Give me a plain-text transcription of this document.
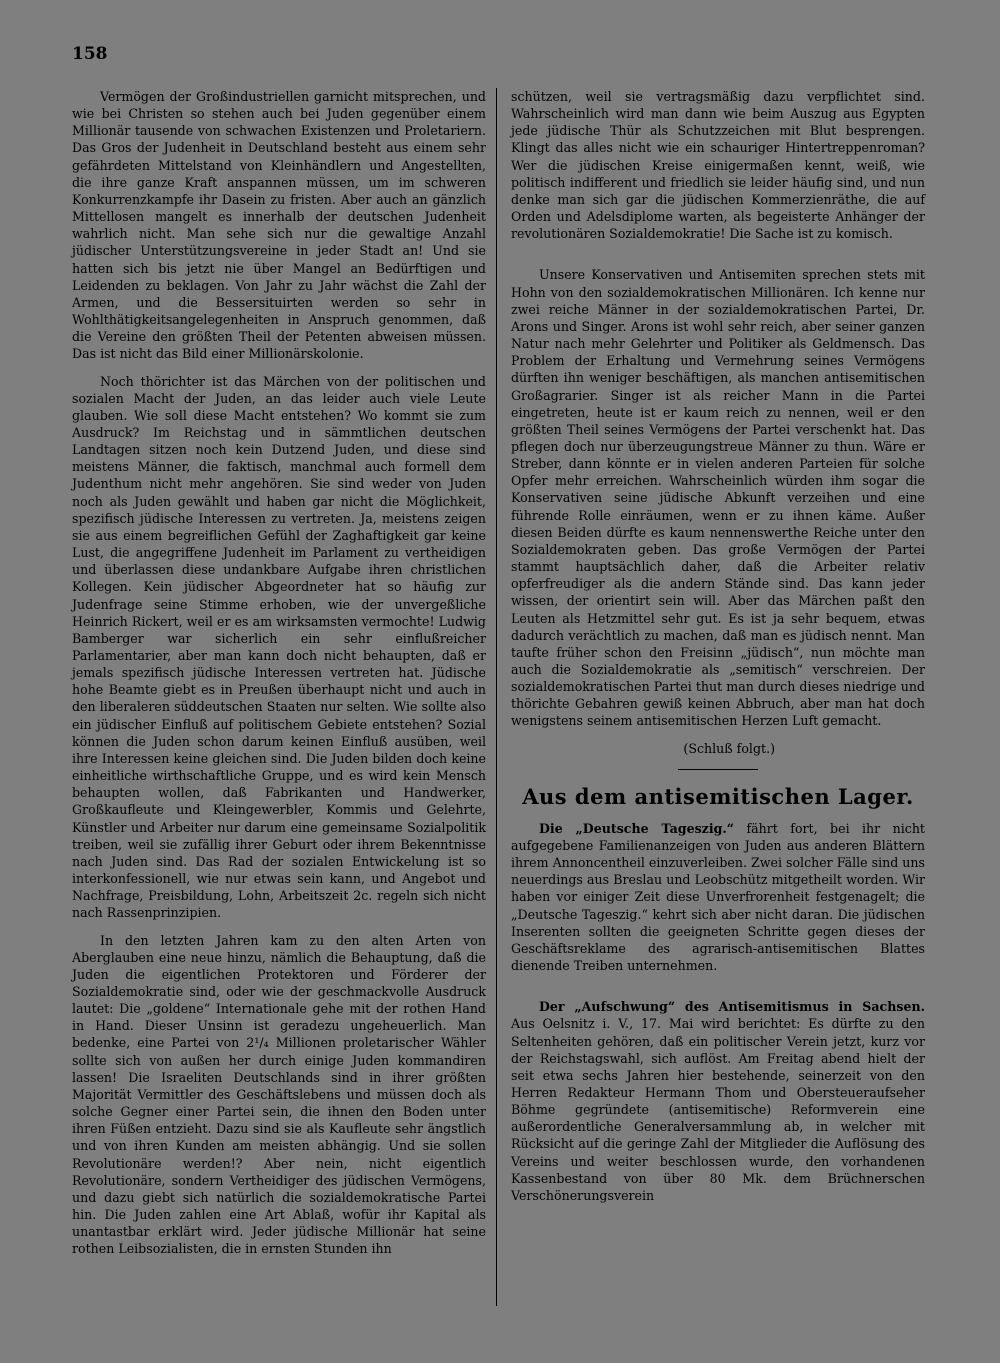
158

Vermögen der Großindustriellen garnicht mitsprechen, und wie bei Christen so stehen auch bei Juden gegenüber einem Millionär tausende von schwachen Existenzen und Proletariern. Das Gros der Judenheit in Deutschland besteht aus einem sehr gefährdeten Mittelstand von Kleinhändlern und Angestellten, die ihre ganze Kraft anspannen müssen, um im schweren Konkurrenzkampfe ihr Dasein zu fristen. Aber auch an gänzlich Mittellosen mangelt es innerhalb der deutschen Judenheit wahrlich nicht. Man sehe sich nur die gewaltige Anzahl jüdischer Unterstützungsvereine in jeder Stadt an! Und sie hatten sich bis jetzt nie über Mangel an Bedürftigen und Leidenden zu beklagen. Von Jahr zu Jahr wächst die Zahl der Armen, und die Bessersituirten werden so sehr in Wohlthätigkeitsangelegenheiten in Anspruch genommen, daß die Vereine den größten Theil der Petenten abweisen müssen. Das ist nicht das Bild einer Millionärskolonie.

Noch thörichter ist das Märchen von der politischen und sozialen Macht der Juden, an das leider auch viele Leute glauben. Wie soll diese Macht entstehen? Wo kommt sie zum Ausdruck? Im Reichstag und in sämmtlichen deutschen Landtagen sitzen noch kein Dutzend Juden, und diese sind meistens Männer, die faktisch, manchmal auch formell dem Judenthum nicht mehr angehören. Sie sind weder von Juden noch als Juden gewählt und haben gar nicht die Möglichkeit, spezifisch jüdische Interessen zu vertreten. Ja, meistens zeigen sie aus einem begreiflichen Gefühl der Zaghaftigkeit gar keine Lust, die angegriffene Judenheit im Parlament zu vertheidigen und überlassen diese undankbare Aufgabe ihren christlichen Kollegen. Kein jüdischer Abgeordneter hat so häufig zur Judenfrage seine Stimme erhoben, wie der unvergeßliche Heinrich Rickert, weil er es am wirksamsten vermochte! Ludwig Bamberger war sicherlich ein sehr einflußreicher Parlamentarier, aber man kann doch nicht behaupten, daß er jemals spezifisch jüdische Interessen vertreten hat. Jüdische hohe Beamte giebt es in Preußen überhaupt nicht und auch in den liberaleren süddeutschen Staaten nur selten. Wie sollte also ein jüdischer Einfluß auf politischem Gebiete entstehen? Sozial können die Juden schon darum keinen Einfluß ausüben, weil ihre Interessen keine gleichen sind. Die Juden bilden doch keine einheitliche wirthschaftliche Gruppe, und es wird kein Mensch behaupten wollen, daß Fabrikanten und Handwerker, Großkaufleute und Kleingewerbler, Kommis und Gelehrte, Künstler und Arbeiter nur darum eine gemeinsame Sozialpolitik treiben, weil sie zufällig ihrer Geburt oder ihrem Bekenntnisse nach Juden sind. Das Rad der sozialen Entwickelung ist so interkonfessionell, wie nur etwas sein kann, und Angebot und Nachfrage, Preisbildung, Lohn, Arbeitszeit 2c. regeln sich nicht nach Rassenprinzipien.

In den letzten Jahren kam zu den alten Arten von Aberglauben eine neue hinzu, nämlich die Behauptung, daß die Juden die eigentlichen Protektoren und Förderer der Sozialdemokratie sind, oder wie der geschmackvolle Ausdruck lautet: Die „goldene“ Internationale gehe mit der rothen Hand in Hand. Dieser Unsinn ist geradezu ungeheuerlich. Man bedenke, eine Partei von 2¹/₄ Millionen proletarischer Wähler sollte sich von außen her durch einige Juden kommandiren lassen! Die Israeliten Deutschlands sind in ihrer größten Majorität Vermittler des Geschäftslebens und müssen doch als solche Gegner einer Partei sein, die ihnen den Boden unter ihren Füßen entzieht. Dazu sind sie als Kaufleute sehr ängstlich und von ihren Kunden am meisten abhängig. Und sie sollen Revolutionäre werden!? Aber nein, nicht eigentlich Revolutionäre, sondern Vertheidiger des jüdischen Vermögens, und dazu giebt sich natürlich die sozialdemokratische Partei hin. Die Juden zahlen eine Art Ablaß, wofür ihr Kapital als unantastbar erklärt wird. Jeder jüdische Millionär hat seine rothen Leibsozialisten, die in ernsten Stunden ihn

schützen, weil sie vertragsmäßig dazu verpflichtet sind. Wahrscheinlich wird man dann wie beim Auszug aus Egypten jede jüdische Thür als Schutzzeichen mit Blut besprengen. Klingt das alles nicht wie ein schauriger Hintertreppenroman? Wer die jüdischen Kreise einigermaßen kennt, weiß, wie politisch indifferent und friedlich sie leider häufig sind, und nun denke man sich gar die jüdischen Kommerzienräthe, die auf Orden und Adelsdiplome warten, als begeisterte Anhänger der revolutionären Sozialdemokratie! Die Sache ist zu komisch.

Unsere Konservativen und Antisemiten sprechen stets mit Hohn von den sozialdemokratischen Millionären. Ich kenne nur zwei reiche Männer in der sozialdemokratischen Partei, Dr. Arons und Singer. Arons ist wohl sehr reich, aber seiner ganzen Natur nach mehr Gelehrter und Politiker als Geldmensch. Das Problem der Erhaltung und Vermehrung seines Vermögens dürften ihn weniger beschäftigen, als manchen antisemitischen Großagrarier. Singer ist als reicher Mann in die Partei eingetreten, heute ist er kaum reich zu nennen, weil er den größten Theil seines Vermögens der Partei verschenkt hat. Das pflegen doch nur überzeugungstreue Männer zu thun. Wäre er Streber, dann könnte er in vielen anderen Parteien für solche Opfer mehr erreichen. Wahrscheinlich würden ihm sogar die Konservativen seine jüdische Abkunft verzeihen und eine führende Rolle einräumen, wenn er zu ihnen käme. Außer diesen Beiden dürfte es kaum nennenswerthe Reiche unter den Sozialdemokraten geben. Das große Vermögen der Partei stammt hauptsächlich daher, daß die Arbeiter relativ opferfreudiger als die andern Stände sind. Das kann jeder wissen, der orientirt sein will. Aber das Märchen paßt den Leuten als Hetzmittel sehr gut. Es ist ja sehr bequem, etwas dadurch verächtlich zu machen, daß man es jüdisch nennt. Man taufte früher schon den Freisinn „jüdisch“, nun möchte man auch die Sozialdemokratie als „semitisch“ verschreien. Der sozialdemokratischen Partei thut man durch dieses niedrige und thörichte Gebahren gewiß keinen Abbruch, aber man hat doch wenigstens seinem antisemitischen Herzen Luft gemacht.

(Schluß folgt.)

Aus dem antisemitischen Lager.

Die „Deutsche Tageszig.“ fährt fort, bei ihr nicht aufgegebene Familienanzeigen von Juden aus anderen Blättern ihrem Annoncentheil einzuverleiben. Zwei solcher Fälle sind uns neuerdings aus Breslau und Leobschütz mitgetheilt worden. Wir haben vor einiger Zeit diese Unverfrorenheit festgenagelt; die „Deutsche Tageszig.“ kehrt sich aber nicht daran. Die jüdischen Inserenten sollten die geeigneten Schritte gegen dieses der Geschäftsreklame des agrarisch-antisemitischen Blattes dienende Treiben unternehmen.

Der „Aufschwung“ des Antisemitismus in Sachsen. Aus Oelsnitz i. V., 17. Mai wird berichtet: Es dürfte zu den Seltenheiten gehören, daß ein politischer Verein jetzt, kurz vor der Reichstagswahl, sich auflöst. Am Freitag abend hielt der seit etwa sechs Jahren hier bestehende, seinerzeit von den Herren Redakteur Hermann Thom und Obersteueraufseher Böhme gegründete (antisemitische) Reformverein eine außerordentliche Generalversammlung ab, in welcher mit Rücksicht auf die geringe Zahl der Mitglieder die Auflösung des Vereins und weiter beschlossen wurde, den vorhandenen Kassenbestand von über 80 Mk. dem Brüchnerschen Verschönerungsverein
